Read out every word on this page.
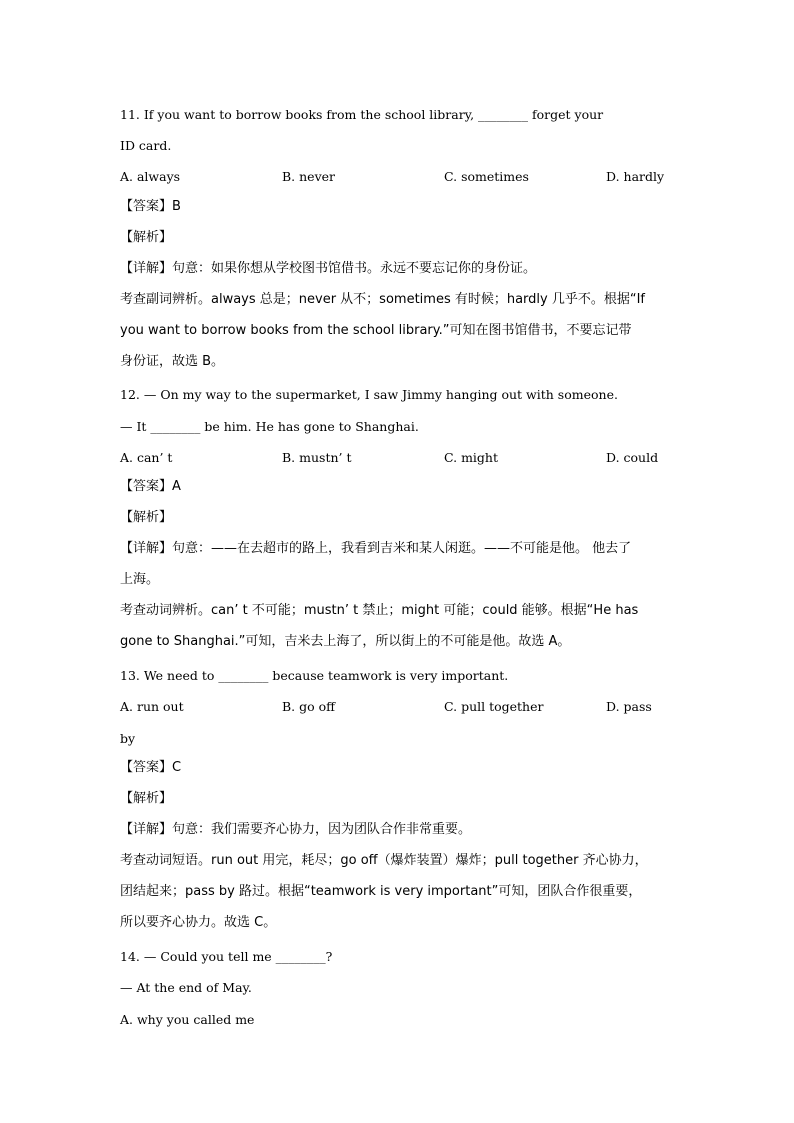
11. If you want to borrow books from the school library, ________ forget your
ID card.
A. always	B. never	C. sometimes	D. hardly
【答案】B
【解析】
【详解】句意：如果你想从学校图书馆借书。永远不要忘记你的身份证。
考查副词辨析。always 总是；never 从不；sometimes 有时候；hardly 几乎不。根据“If
you want to borrow books from the school library.”可知在图书馆借书，不要忘记带
身份证，故选 B。
12. — On my way to the supermarket, I saw Jimmy hanging out with someone.
— It ________ be him. He has gone to Shanghai.
A. can’ t	B. mustn’ t	C. might	D. could
【答案】A
【解析】
【详解】句意：——在去超市的路上，我看到吉米和某人闲逛。——不可能是他。 他去了
上海。
考查动词辨析。can’ t 不可能；mustn’ t 禁止；might 可能；could 能够。根据“He has
gone to Shanghai.”可知，吉米去上海了，所以街上的不可能是他。故选 A。
13. We need to ________ because teamwork is very important.
A. run out	B. go off	C. pull together	D. pass
by
【答案】C
【解析】
【详解】句意：我们需要齐心协力，因为团队合作非常重要。
考查动词短语。run out 用完，耗尽；go off（爆炸装置）爆炸；pull together 齐心协力，
团结起来；pass by 路过。根据“teamwork is very important”可知，团队合作很重要，
所以要齐心协力。故选 C。
14. — Could you tell me ________?
— At the end of May.
A. why you called me
